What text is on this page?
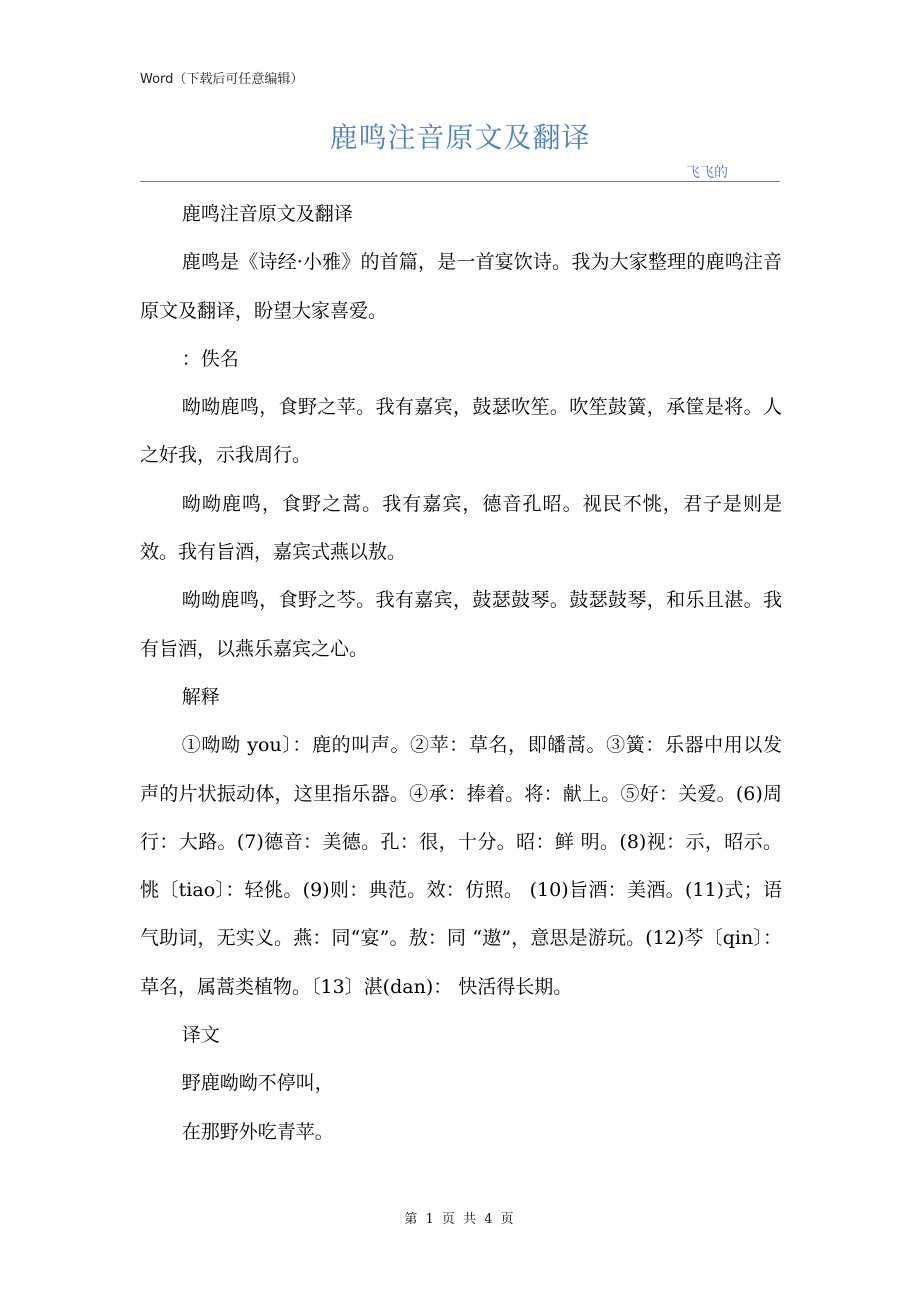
Word（下载后可任意编辑）
鹿鸣注音原文及翻译
飞飞的

鹿鸣注音原文及翻译

鹿鸣是《诗经·小雅》的首篇，是一首宴饮诗。我为大家整理的鹿鸣注音原文及翻译，盼望大家喜爱。

：佚名

呦呦鹿鸣，食野之苹。我有嘉宾，鼓瑟吹笙。吹笙鼓簧，承筐是将。人之好我，示我周行。

呦呦鹿鸣，食野之蒿。我有嘉宾，德音孔昭。视民不恌，君子是则是效。我有旨酒，嘉宾式燕以敖。

呦呦鹿鸣，食野之芩。我有嘉宾，鼓瑟鼓琴。鼓瑟鼓琴，和乐且湛。我有旨酒，以燕乐嘉宾之心。

解释

①呦呦 you〕：鹿的叫声。②苹：草名，即皤蒿。③簧：乐器中用以发声的片状振动体，这里指乐器。④承：捧着。将：献上。⑤好：关爱。(6)周行：大路。(7)德音：美德。孔：很，十分。昭：鲜 明。(8)视：示，昭示。恌〔tiao〕：轻佻。(9)则：典范。效：仿照。 (10)旨酒：美酒。(11)式；语气助词，无实义。燕：同“宴”。敖：同 “遨”，意思是游玩。(12)芩〔qin〕：草名，属蒿类植物。〔13〕湛(dan)： 快活得长期。

译文

野鹿呦呦不停叫，

在那野外吃青苹。

第 1 页 共 4 页
